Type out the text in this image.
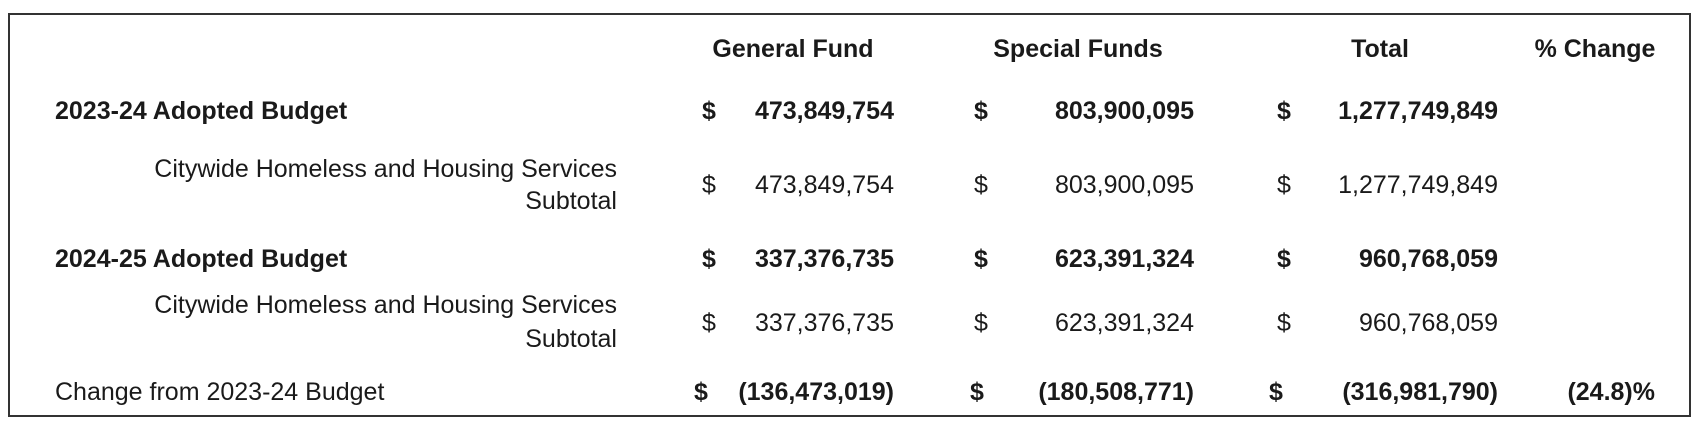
General Fund	Special Funds	Total	% Change
2023-24 Adopted Budget	$	473,849,754	$	803,900,095	$	1,277,749,849
Citywide Homeless and Housing Services
Subtotal
$	473,849,754	$	803,900,095	$	1,277,749,849
2024-25 Adopted Budget	$	337,376,735	$	623,391,324	$	960,768,059
Citywide Homeless and Housing Services
Subtotal
$	337,376,735	$	623,391,324	$	960,768,059
Change from 2023-24 Budget	$	(136,473,019)	$	(180,508,771)	$	(316,981,790)	(24.8)%
